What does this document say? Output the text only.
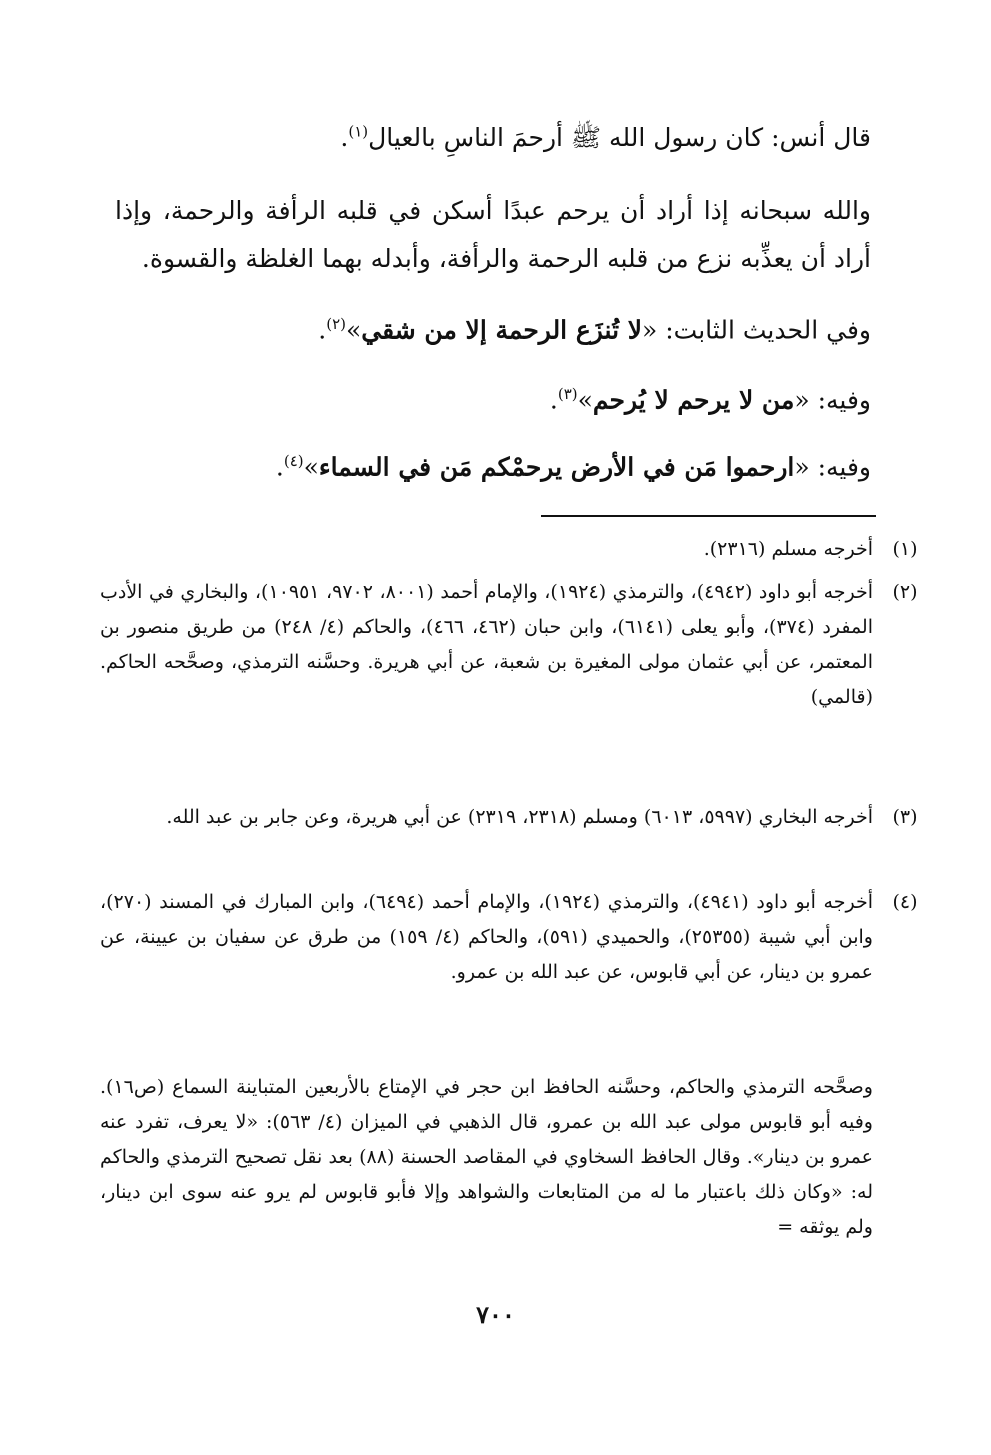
قال أنس: كان رسول الله ﷺ أرحمَ الناسِ بالعيال$^{(١)}$.
والله سبحانه إذا أراد أن يرحم عبدًا أسكن في قلبه الرأفة والرحمة، وإذا أراد أن يعذِّبه نزع من قلبه الرحمة والرأفة، وأبدله بهما الغلظة والقسوة.
وفي الحديث الثابت: «لا تُنزَع الرحمة إلا من شقي»$^{(٢)}$.
وفيه: «من لا يرحم لا يُرحم»$^{(٣)}$.
وفيه: «ارحموا مَن في الأرض يرحمْكم مَن في السماء»$^{(٤)}$.
(١)
أخرجه مسلم (٢٣١٦).
(٢)
أخرجه أبو داود (٤٩٤٢)، والترمذي (١٩٢٤)، والإمام أحمد (٨٠٠١، ٩٧٠٢، ١٠٩٥١)، والبخاري في الأدب المفرد (٣٧٤)، وأبو يعلى (٦١٤١)، وابن حبان (٤٦٢، ٤٦٦)، والحاكم (٤/ ٢٤٨) من طريق منصور بن المعتمر، عن أبي عثمان مولى المغيرة بن شعبة، عن أبي هريرة. وحسَّنه الترمذي، وصحَّحه الحاكم. (قالمي)
(٣)
أخرجه البخاري (٥٩٩٧، ٦٠١٣) ومسلم (٢٣١٨، ٢٣١٩) عن أبي هريرة، وعن جابر بن عبد الله.
(٤)
أخرجه أبو داود (٤٩٤١)، والترمذي (١٩٢٤)، والإمام أحمد (٦٤٩٤)، وابن المبارك في المسند (٢٧٠)، وابن أبي شيبة (٢٥٣٥٥)، والحميدي (٥٩١)، والحاكم (٤/ ١٥٩) من طرق عن سفيان بن عيينة، عن عمرو بن دينار، عن أبي قابوس، عن عبد الله بن عمرو.
وصحَّحه الترمذي والحاكم، وحسَّنه الحافظ ابن حجر في الإمتاع بالأربعين المتباينة السماع (ص١٦). وفيه أبو قابوس مولى عبد الله بن عمرو، قال الذهبي في الميزان (٤/ ٥٦٣): «لا يعرف، تفرد عنه عمرو بن دينار». وقال الحافظ السخاوي في المقاصد الحسنة (٨٨) بعد نقل تصحيح الترمذي والحاكم له: «وكان ذلك باعتبار ما له من المتابعات والشواهد وإلا فأبو قابوس لم يرو عنه سوى ابن دينار، ولم يوثقه =
٧٠٠
